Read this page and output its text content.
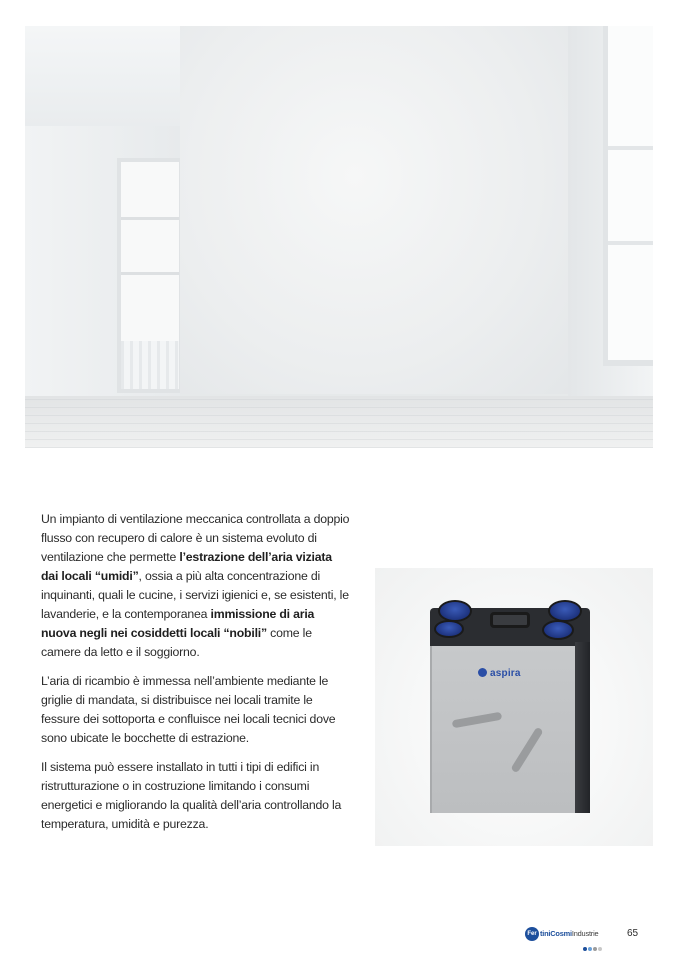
Un impianto di ventilazione meccanica controllata a doppio flusso con recupero di calore è un sistema evoluto di ventilazione che permette l’estrazione dell’aria viziata dai locali “umidi”, ossia a più alta concentrazione di inquinanti, quali le cucine, i servizi igienici e, se esistenti, le lavanderie, e la contemporanea immissione di aria nuova negli nei cosiddetti locali “nobili” come le camere da letto e il soggiorno.

L’aria di ricambio è immessa nell’ambiente mediante le griglie di mandata, si distribuisce nei locali tramite le fessure dei sottoporta e confluisce nei locali tecnici dove sono ubicate le bocchette di estrazione.

Il sistema può essere installato in tutti i tipi di edifici in ristrutturazione o in costruzione limitando i consumi energetici e migliorando la qualità dell’aria controllando la temperatura, umidità e purezza.

aspira
Fer tiniCosmiIndustrie	65
